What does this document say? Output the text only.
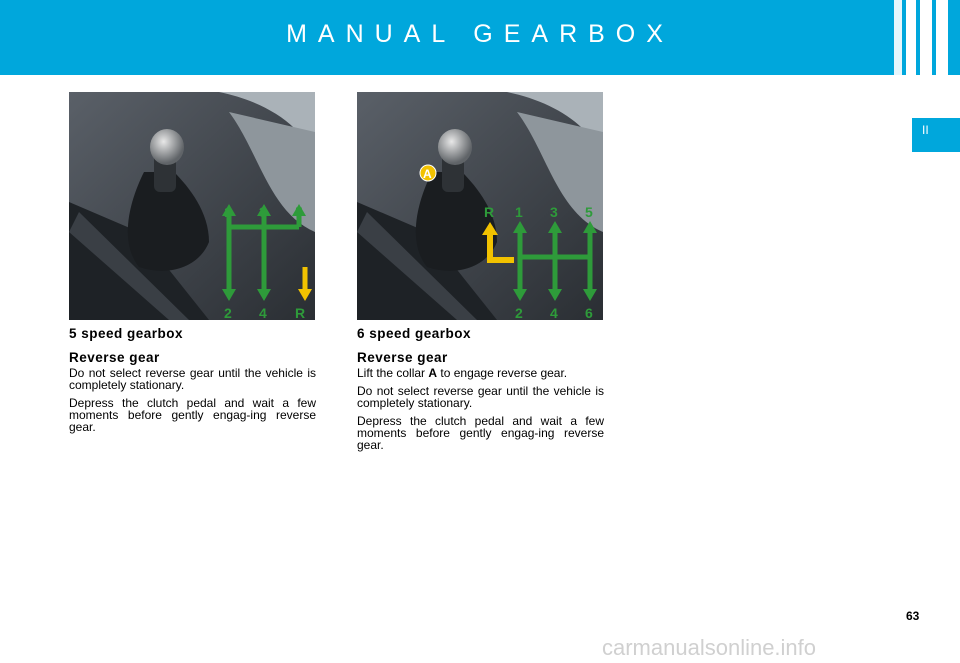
MANUAL GEARBOX
II
1 3 5
2 4 R
A
R 1 3 5
2 4 6
5 speed gearbox
Reverse gear

Do not select reverse gear until the vehicle is completely stationary.

Depress the clutch pedal and wait a few moments before gently engag-ing reverse gear.

6 speed gearbox
Reverse gear

Lift the collar A to engage reverse gear.

Do not select reverse gear until the vehicle is completely stationary.

Depress the clutch pedal and wait a few moments before gently engag-ing reverse gear.

63
carmanualsonline.info
